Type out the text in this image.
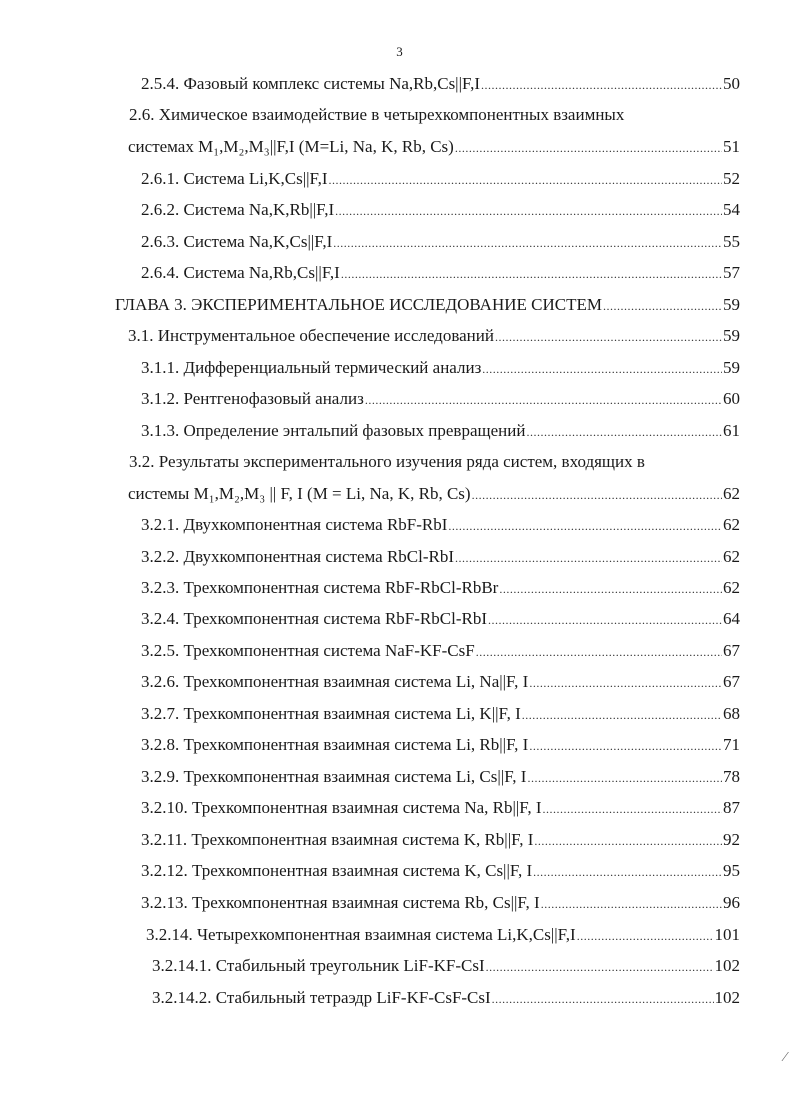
3
2.5.4. Фазовый комплекс системы Na,Rb,Cs||F,I .....	50
2.6. Химическое взаимодействие в четырехкомпонентных взаимных
системах M₁,M₂,M₃||F,I (M=Li, Na, K, Rb, Cs) .....	51
2.6.1. Система Li,K,Cs||F,I .....	52
2.6.2. Система Na,K,Rb||F,I .....	54
2.6.3. Система Na,K,Cs||F,I .....	55
2.6.4. Система Na,Rb,Cs||F,I .....	57
ГЛАВА 3. ЭКСПЕРИМЕНТАЛЬНОЕ ИССЛЕДОВАНИЕ СИСТЕМ .....	59
3.1. Инструментальное обеспечение исследований .....	59
3.1.1. Дифференциальный термический анализ .....	59
3.1.2. Рентгенофазовый анализ .....	60
3.1.3. Определение энтальпий фазовых превращений .....	61
3.2. Результаты экспериментального изучения ряда систем, входящих в
системы M₁,M₂,M₃ || F, I (M = Li, Na, K, Rb, Cs) .....	62
3.2.1. Двухкомпонентная система RbF-RbI .....	62
3.2.2. Двухкомпонентная система RbCl-RbI .....	62
3.2.3. Трехкомпонентная система RbF-RbCl-RbBr .....	62
3.2.4. Трехкомпонентная система RbF-RbCl-RbI .....	64
3.2.5. Трехкомпонентная система NaF-KF-CsF .....	67
3.2.6. Трехкомпонентная взаимная система Li, Na||F, I .....	67
3.2.7. Трехкомпонентная взаимная система Li, K||F, I .....	68
3.2.8. Трехкомпонентная взаимная система Li, Rb||F, I .....	71
3.2.9. Трехкомпонентная взаимная система Li, Cs||F, I .....	78
3.2.10. Трехкомпонентная взаимная система Na, Rb||F, I .....	87
3.2.11. Трехкомпонентная взаимная система K, Rb||F, I .....	92
3.2.12. Трехкомпонентная взаимная система K, Cs||F, I .....	95
3.2.13. Трехкомпонентная взаимная система Rb, Cs||F, I .....	96
3.2.14. Четырехкомпонентная взаимная система Li,K,Cs||F,I .....	101
3.2.14.1. Стабильный треугольник LiF-KF-CsI .....	102
3.2.14.2. Стабильный тетраэдр LiF-KF-CsF-CsI .....	102
⁄
